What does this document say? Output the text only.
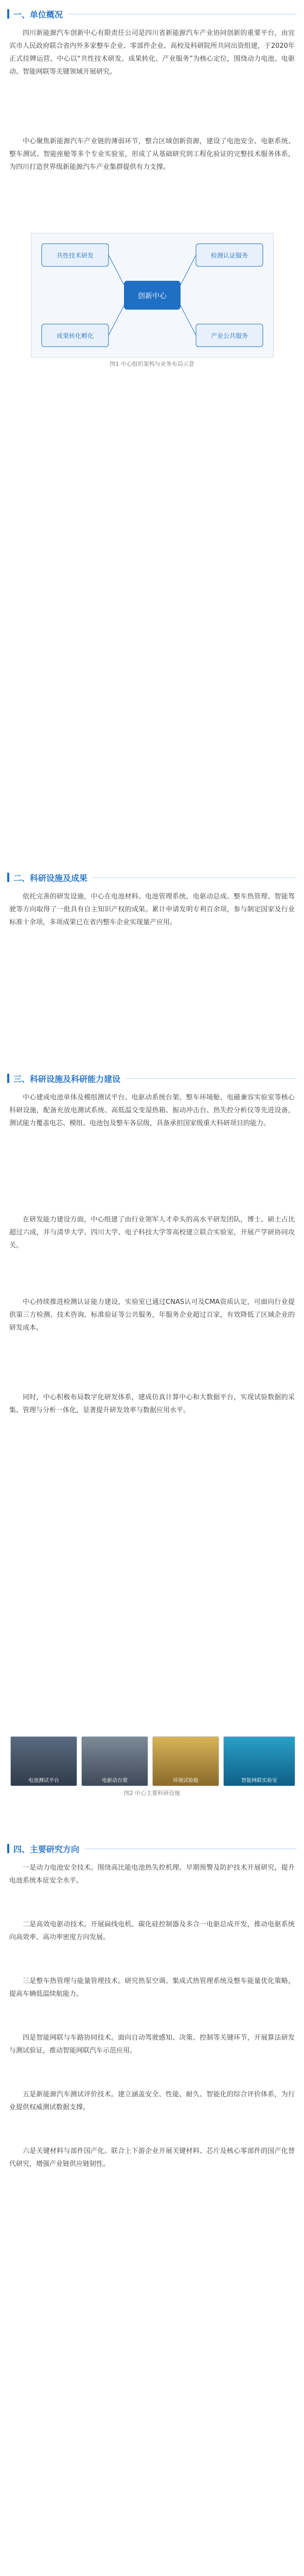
一、单位概况

四川新能源汽车创新中心有限责任公司是四川省新能源汽车产业协同创新的重要平台，由宜宾市人民政府联合省内外多家整车企业、零部件企业、高校及科研院所共同出资组建，于2020年正式挂牌运营。中心以“共性技术研发、成果转化、产业服务”为核心定位，围绕动力电池、电驱动、智能网联等关键领域开展研究。

中心聚焦新能源汽车产业链的薄弱环节，整合区域创新资源，建设了电池安全、电驱系统、整车测试、智能座舱等多个专业实验室，形成了从基础研究到工程化验证的完整技术服务体系，为四川打造世界级新能源汽车产业集群提供有力支撑。

创新中心
共性技术研发	检测认证服务
成果转化孵化	产业公共服务
图1 中心组织架构与业务布局示意
二、科研设施及成果

依托完善的研发设施，中心在电池材料、电池管理系统、电驱动总成、整车热管理、智能驾驶等方向取得了一批具有自主知识产权的成果。累计申请发明专利百余项，参与制定国家及行业标准十余项，多项成果已在省内整车企业实现量产应用。

三、科研设施及科研能力建设

中心建成电池单体及模组测试平台、电驱动系统台架、整车环境舱、电磁兼容实验室等核心科研设施，配备充放电测试系统、高低温交变湿热箱、振动冲击台、热失控分析仪等先进设备，测试能力覆盖电芯、模组、电池包及整车各层级，具备承担国家级重大科研项目的能力。

在研发能力建设方面，中心组建了由行业领军人才牵头的高水平研发团队，博士、硕士占比超过六成，并与清华大学、四川大学、电子科技大学等高校建立联合实验室，开展产学研协同攻关。

中心持续推进检测认证能力建设，实验室已通过CNAS认可及CMA资质认定，可面向行业提供第三方检测、技术咨询、标准验证等公共服务，年服务企业超过百家，有效降低了区域企业的研发成本。

同时，中心积极布局数字化研发体系，建成仿真计算中心和大数据平台，实现试验数据的采集、管理与分析一体化，显著提升研发效率与数据应用水平。

电池测试平台	电驱动台架	环境试验舱	智能网联实验室
图2 中心主要科研设施
四、主要研究方向

一是动力电池安全技术。围绕高比能电池热失控机理、早期预警及防护技术开展研究，提升电池系统本征安全水平。

二是高效电驱动技术。开展扁线电机、碳化硅控制器及多合一电驱总成开发，推动电驱系统向高效率、高功率密度方向发展。

三是整车热管理与能量管理技术。研究热泵空调、集成式热管理系统及整车能量优化策略，提高车辆低温续航能力。

四是智能网联与车路协同技术。面向自动驾驶感知、决策、控制等关键环节，开展算法研发与测试验证，推动智能网联汽车示范应用。

五是新能源汽车测试评价技术。建立涵盖安全、性能、耐久、智能化的综合评价体系，为行业提供权威测试数据支撑。

六是关键材料与部件国产化。联合上下游企业开展关键材料、芯片及核心零部件的国产化替代研究，增强产业链供应链韧性。
